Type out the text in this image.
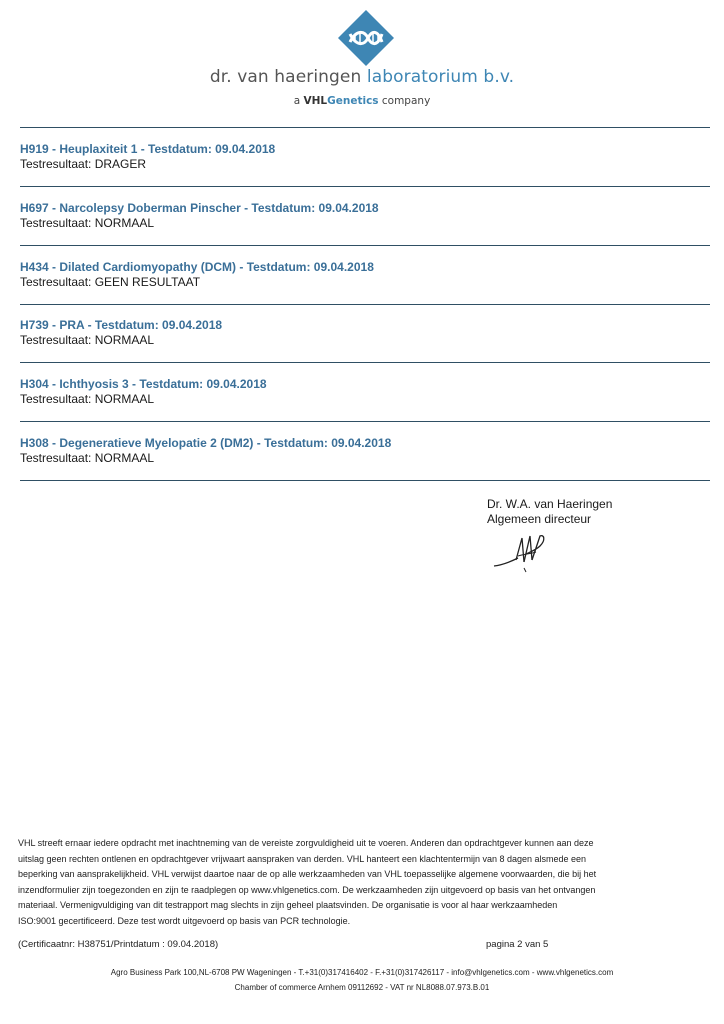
dr. van haeringen laboratorium b.v.
a VHLGenetics company
H919 - Heuplaxiteit 1 - Testdatum: 09.04.2018
Testresultaat: DRAGER
H697 - Narcolepsy Doberman Pinscher - Testdatum: 09.04.2018
Testresultaat: NORMAAL
H434 - Dilated Cardiomyopathy (DCM) - Testdatum: 09.04.2018
Testresultaat: GEEN RESULTAAT
H739 - PRA - Testdatum: 09.04.2018
Testresultaat: NORMAAL
H304 - Ichthyosis 3 - Testdatum: 09.04.2018
Testresultaat: NORMAAL
H308 - Degeneratieve Myelopatie 2 (DM2) - Testdatum: 09.04.2018
Testresultaat: NORMAAL
Dr. W.A. van Haeringen
Algemeen directeur
VHL streeft ernaar iedere opdracht met inachtneming van de vereiste zorgvuldigheid uit te voeren. Anderen dan opdrachtgever kunnen aan deze
uitslag geen rechten ontlenen en opdrachtgever vrijwaart aanspraken van derden. VHL hanteert een klachtentermijn van 8 dagen alsmede een
beperking van aansprakelijkheid. VHL verwijst daartoe naar de op alle werkzaamheden van VHL toepasselijke algemene voorwaarden, die bij het
inzendformulier zijn toegezonden en zijn te raadplegen op www.vhlgenetics.com. De werkzaamheden zijn uitgevoerd op basis van het ontvangen
materiaal. Vermenigvuldiging van dit testrapport mag slechts in zijn geheel plaatsvinden. De organisatie is voor al haar werkzaamheden
ISO:9001 gecertificeerd. Deze test wordt uitgevoerd op basis van PCR technologie.
(Certificaatnr: H38751/Printdatum : 09.04.2018)	pagina 2 van 5
Agro Business Park 100,NL-6708 PW Wageningen - T.+31(0)317416402 - F.+31(0)317426117 - info@vhlgenetics.com - www.vhlgenetics.com
Chamber of commerce Arnhem 09112692 - VAT nr NL8088.07.973.B.01
